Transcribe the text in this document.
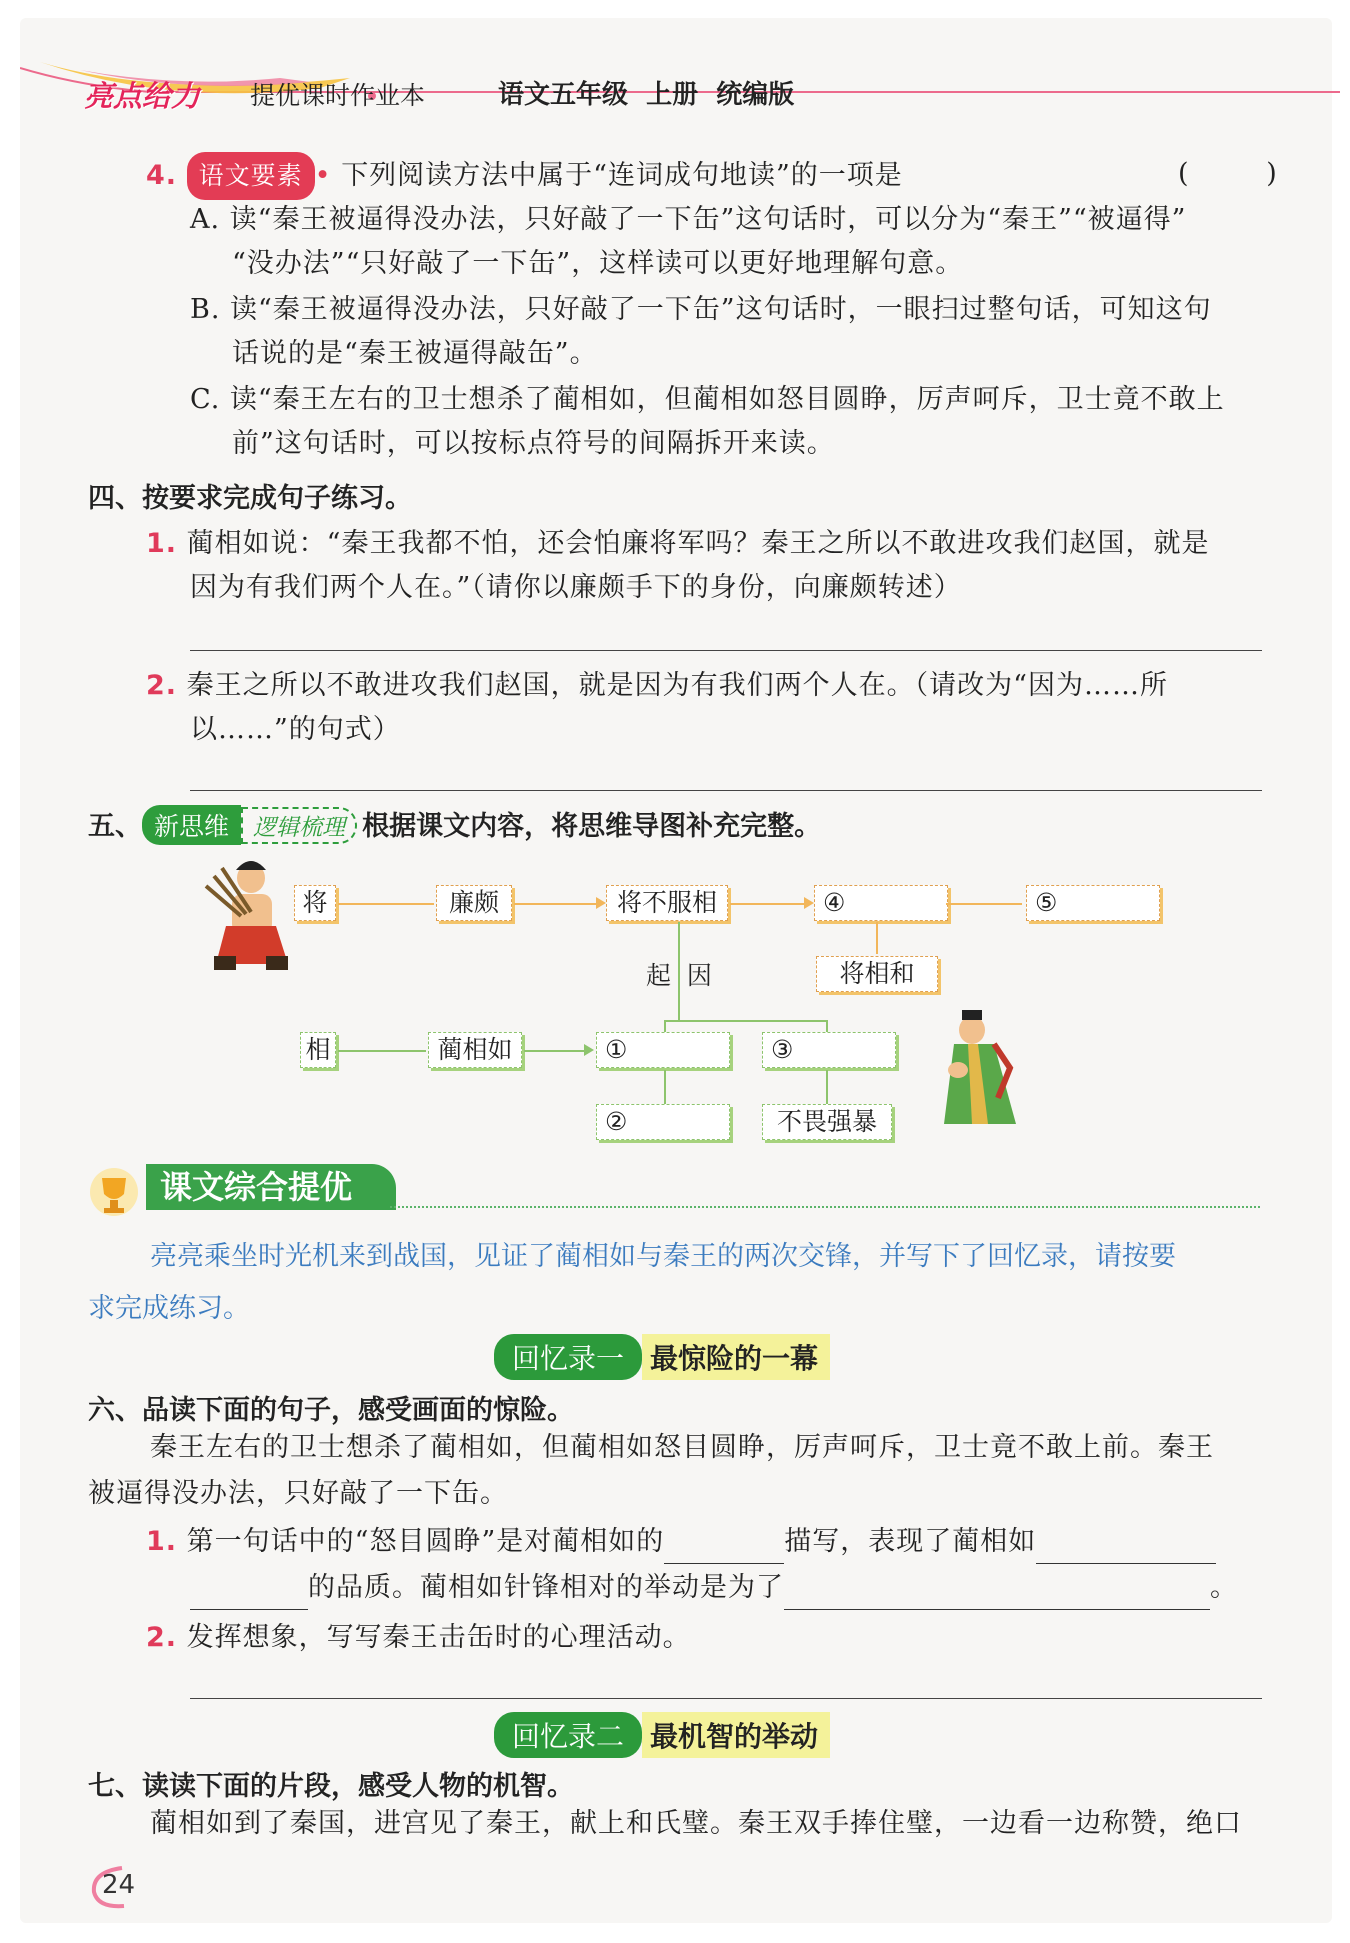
亮点给力 提优课时作业本	语文五年级  上册  统编版
4. 语文要素 • 下列阅读方法中属于“连词成句地读”的一项是	(        )
A. 读“秦王被逼得没办法，只好敲了一下缶”这句话时，可以分为“秦王”“被逼得”
“没办法”“只好敲了一下缶”，这样读可以更好地理解句意。
B. 读“秦王被逼得没办法，只好敲了一下缶”这句话时，一眼扫过整句话，可知这句
话说的是“秦王被逼得敲缶”。
C. 读“秦王左右的卫士想杀了蔺相如，但蔺相如怒目圆睁，厉声呵斥，卫士竟不敢上
前”这句话时，可以按标点符号的间隔拆开来读。
四、按要求完成句子练习。
1. 蔺相如说：“秦王我都不怕，还会怕廉将军吗？秦王之所以不敢进攻我们赵国，就是
因为有我们两个人在。”（请你以廉颇手下的身份，向廉颇转述）
2. 秦王之所以不敢进攻我们赵国，就是因为有我们两个人在。（请改为“因为……所
以……”的句式）
五、 新思维 逻辑梳理 根据课文内容，将思维导图补充完整。
将	廉颇	将不服相	④	⑤
将相和
起  因
相	蔺相如	①	③
②	不畏强暴
课文综合提优
亮亮乘坐时光机来到战国，见证了蔺相如与秦王的两次交锋，并写下了回忆录，请按要
求完成练习。
回忆录一 最惊险的一幕
六、品读下面的句子，感受画面的惊险。
秦王左右的卫士想杀了蔺相如，但蔺相如怒目圆睁，厉声呵斥，卫士竟不敢上前。秦王
被逼得没办法，只好敲了一下缶。
1. 第一句话中的“怒目圆睁”是对蔺相如的	描写，表现了蔺相如
的品质。蔺相如针锋相对的举动是为了	。
2. 发挥想象，写写秦王击缶时的心理活动。
回忆录二 最机智的举动
七、读读下面的片段，感受人物的机智。
蔺相如到了秦国，进宫见了秦王，献上和氏璧。秦王双手捧住璧，一边看一边称赞，绝口
24
